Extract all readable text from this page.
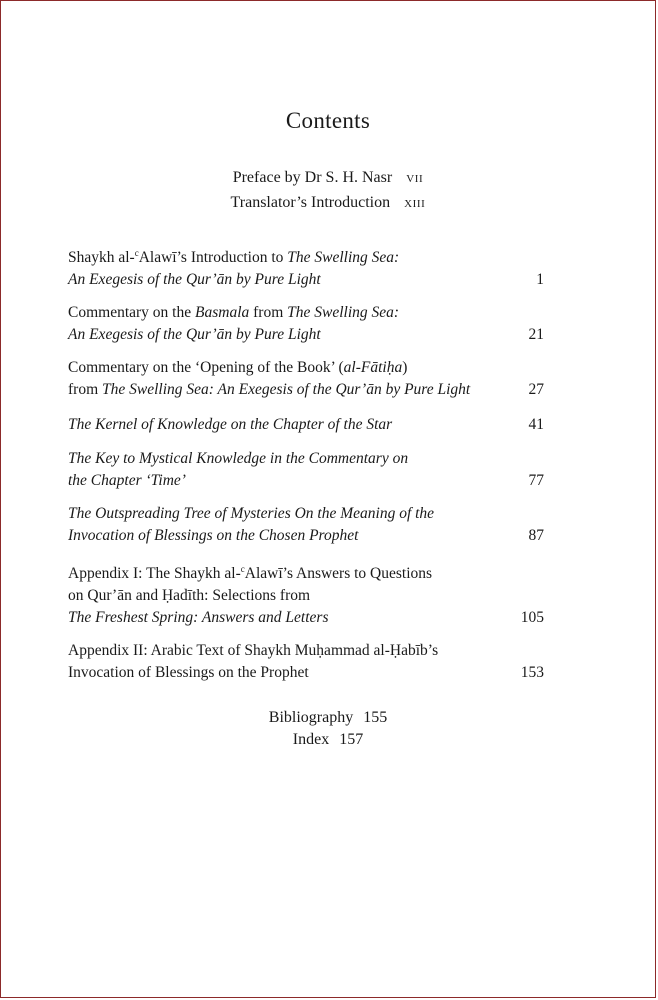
Contents
Preface by Dr S. H. Nasr VII
Translator’s Introduction XIII
Shaykh al-$^c$Alawī’s Introduction to The Swelling Sea:
An Exegesis of the Qur’ān by Pure Light	1
Commentary on the Basmala from The Swelling Sea:
An Exegesis of the Qur’ān by Pure Light	21
Commentary on the ‘Opening of the Book’ (al-Fātiḥa)
from The Swelling Sea: An Exegesis of the Qur’ān by Pure Light	27
The Kernel of Knowledge on the Chapter of the Star	41
The Key to Mystical Knowledge in the Commentary on
the Chapter ‘Time’	77
The Outspreading Tree of Mysteries On the Meaning of the
Invocation of Blessings on the Chosen Prophet	87
Appendix I: The Shaykh al-$^c$Alawī’s Answers to Questions
on Qur’ān and Ḥadīth: Selections from
The Freshest Spring: Answers and Letters	105
Appendix II: Arabic Text of Shaykh Muḥammad al-Ḥabīb’s
Invocation of Blessings on the Prophet	153
Bibliography 155
Index 157
